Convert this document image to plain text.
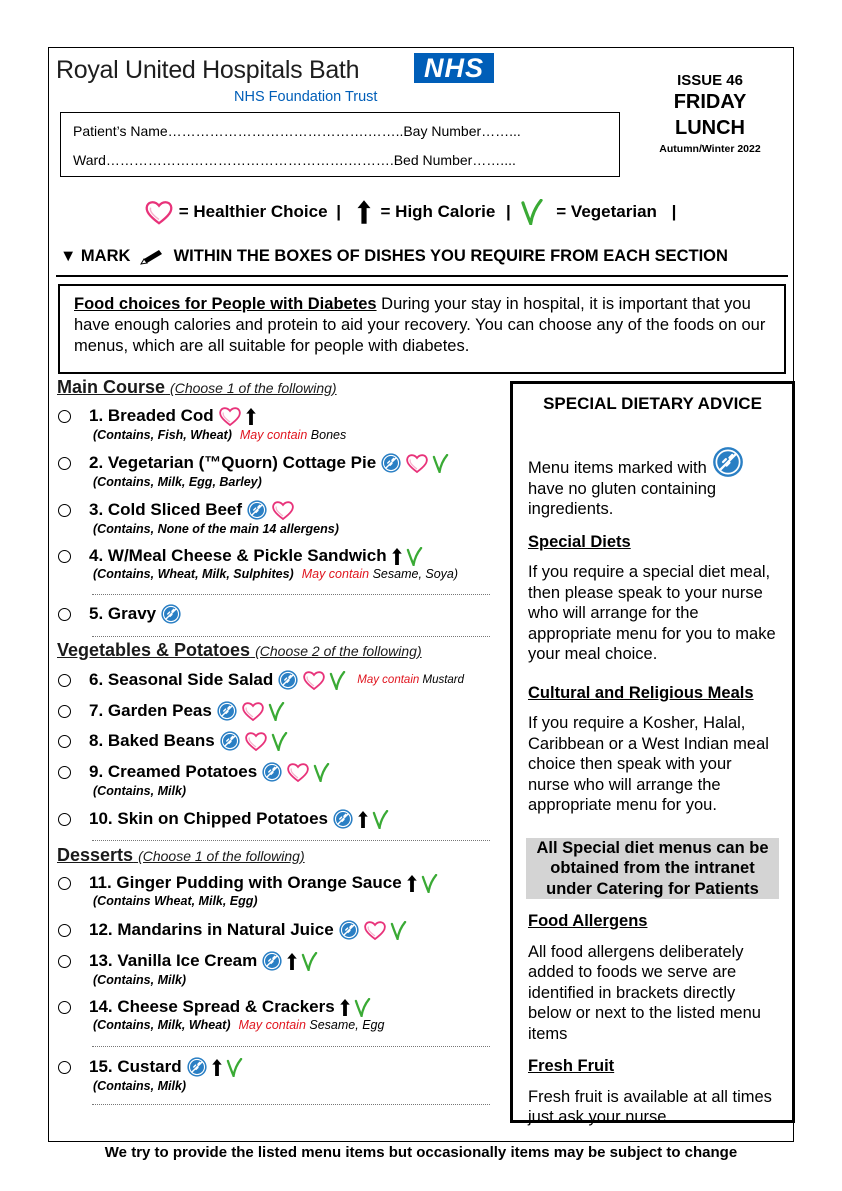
Royal United Hospitals Bath	NHS
NHS Foundation Trust
Patient’s Name…………………………………….……..Bay Number……...
Ward…………………………………………….……….Bed Number……....
ISSUE 46
FRIDAY
LUNCH
Autumn/Winter 2022
= Healthier Choice | = High Calorie |	= Vegetarian |
▼ MARK	WITHIN THE BOXES OF DISHES YOU REQUIRE FROM EACH SECTION
Food choices for People with Diabetes During your stay in hospital, it is important that you have enough calories and protein to aid your recovery. You can choose any of the foods on our menus, which are all suitable for people with diabetes.
Main Course (Choose 1 of the following)
Vegetables & Potatoes (Choose 2 of the following)
Desserts (Choose 1 of the following)
1. Breaded Cod
(Contains, Fish, Wheat) May contain Bones
2. Vegetarian (™Quorn) Cottage Pie
(Contains, Milk, Egg, Barley)
3. Cold Sliced Beef
(Contains, None of the main 14 allergens)
4. W/Meal Cheese & Pickle Sandwich
(Contains, Wheat, Milk, Sulphites) May contain Sesame, Soya)
5. Gravy
6. Seasonal Side Salad	May contain Mustard
7. Garden Peas
8. Baked Beans
9. Creamed Potatoes
(Contains, Milk)
10. Skin on Chipped Potatoes
11. Ginger Pudding with Orange Sauce
(Contains Wheat, Milk, Egg)
12. Mandarins in Natural Juice
13. Vanilla Ice Cream
(Contains, Milk)
14. Cheese Spread & Crackers
(Contains, Milk, Wheat) May contain Sesame, Egg
15. Custard
(Contains, Milk)
SPECIAL DIETARY ADVICE

Menu items marked with  have no gluten containing ingredients.

Special Diets

If you require a special diet meal, then please speak to your nurse who will arrange for the appropriate menu for you to make your meal choice.

Cultural and Religious Meals

If you require a Kosher, Halal, Caribbean or a West Indian meal choice then speak with your nurse who will arrange the appropriate menu for you.

All Special diet menus can be obtained from the intranet under Catering for Patients
Food Allergens

All food allergens deliberately added to foods we serve are identified in brackets directly below or next to the listed menu items

Fresh Fruit

Fresh fruit is available at all times just ask your nurse

We try to provide the listed menu items but occasionally items may be subject to change
